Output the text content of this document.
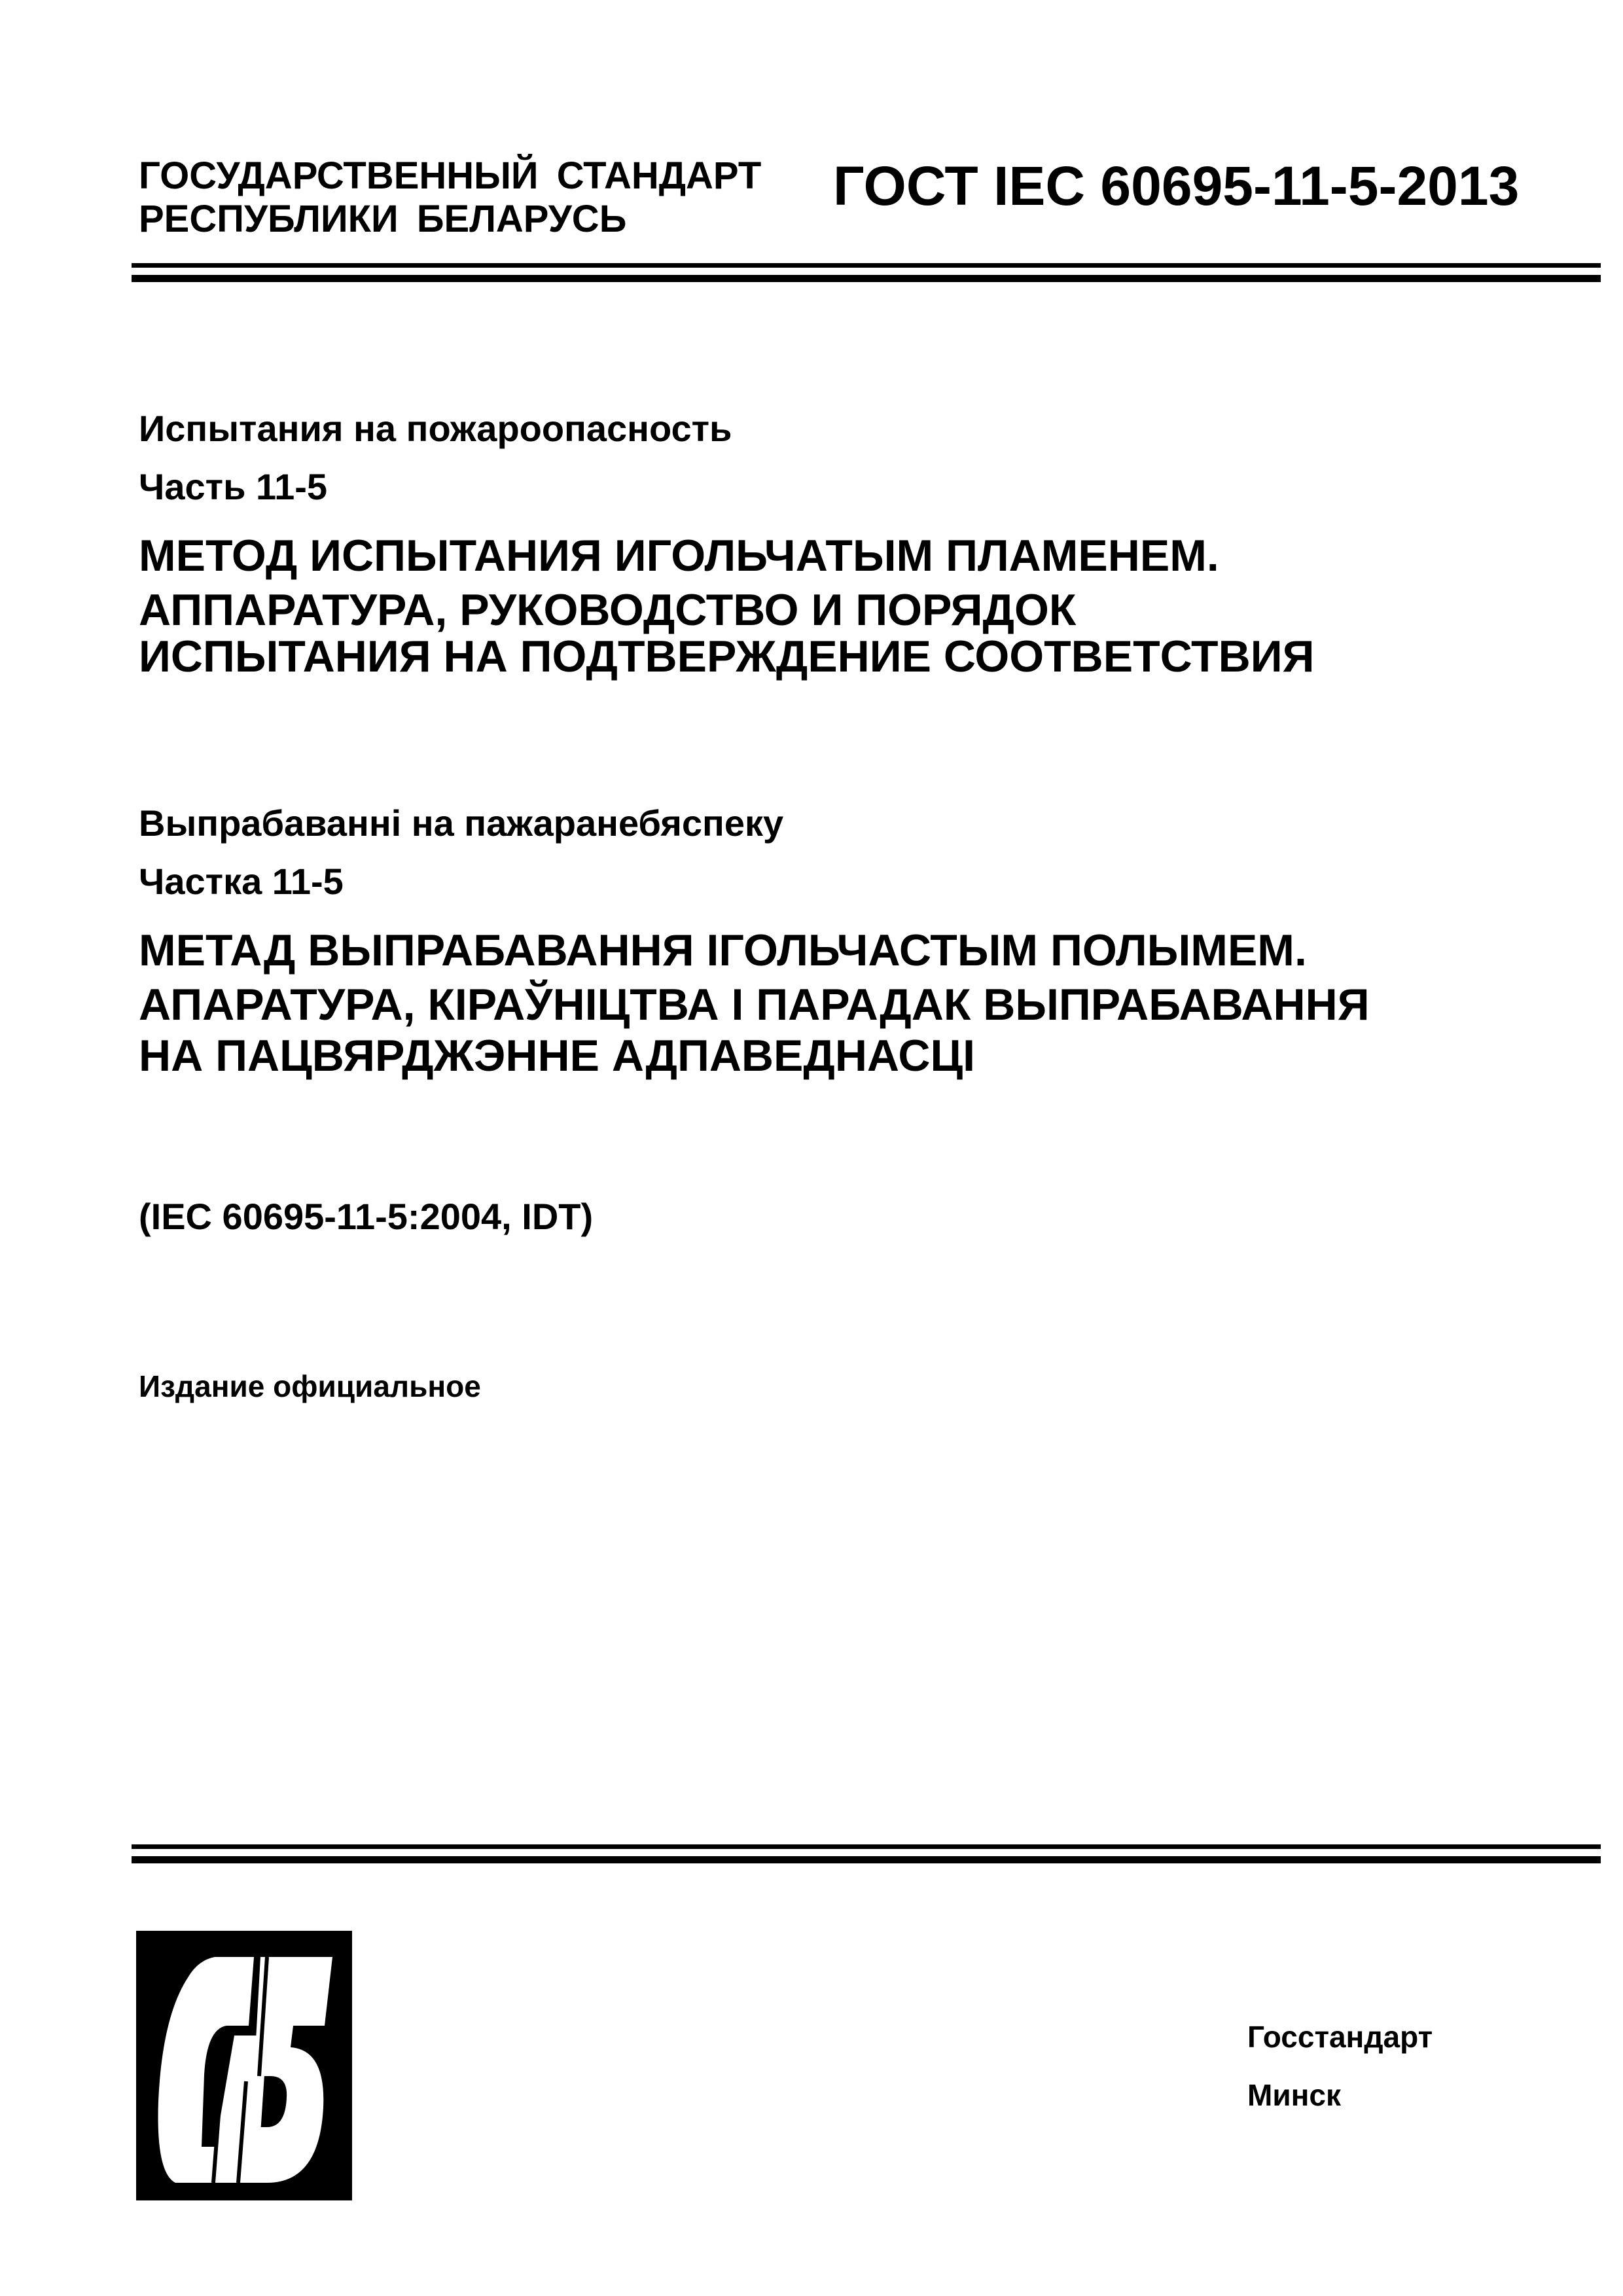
ГОСУДАРСТВЕННЫЙ СТАНДАРТ
РЕСПУБЛИКИ БЕЛАРУСЬ
ГОСТ IEC 60695-11-5-2013
Испытания на пожароопасность
Часть 11-5
МЕТОД ИСПЫТАНИЯ ИГОЛЬЧАТЫМ ПЛАМЕНЕМ.
АППАРАТУРА, РУКОВОДСТВО И ПОРЯДОК
ИСПЫТАНИЯ НА ПОДТВЕРЖДЕНИЕ СООТВЕТСТВИЯ
Выпрабаванні на пажаранебяспеку
Частка 11-5
МЕТАД ВЫПРАБАВАННЯ ІГОЛЬЧАСТЫМ ПОЛЫМЕМ.
АПАРАТУРА, КІРАЎНІЦТВА І ПАРАДАК ВЫПРАБАВАННЯ
НА ПАЦВЯРДЖЭННЕ АДПАВЕДНАСЦІ
(IEC 60695-11-5:2004, IDT)
Издание официальное
Госстандарт
Минск
